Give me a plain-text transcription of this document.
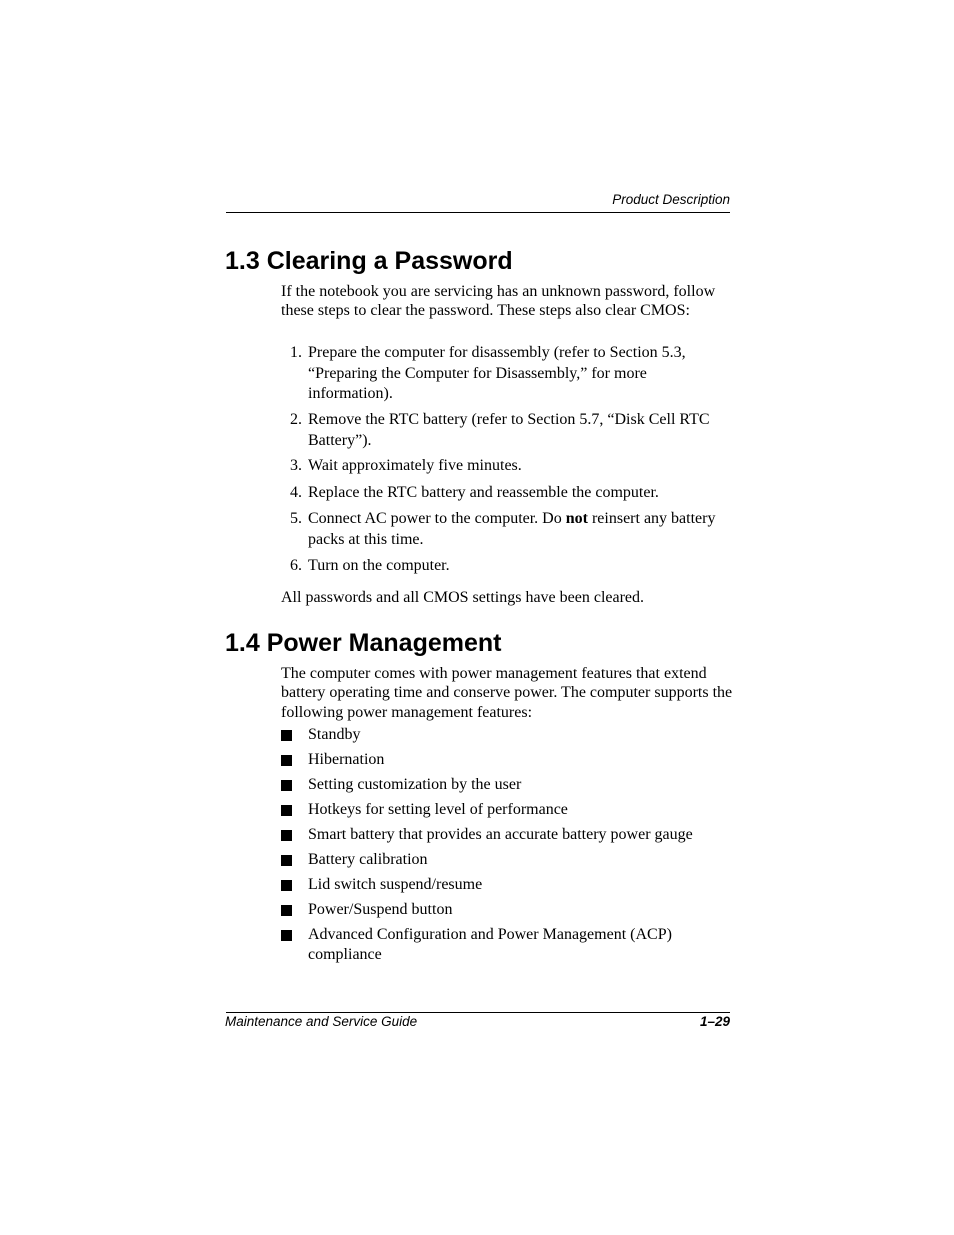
Product Description
1.3 Clearing a Password

If the notebook you are servicing has an unknown password, follow these steps to clear the password. These steps also clear CMOS:

1. Prepare the computer for disassembly (refer to Section 5.3, “Preparing the Computer for Disassembly,” for more information).
2. Remove the RTC battery (refer to Section 5.7, “Disk Cell RTC Battery”).
3. Wait approximately five minutes.
4. Replace the RTC battery and reassemble the computer.
5. Connect AC power to the computer. Do not reinsert any battery packs at this time.
6. Turn on the computer.

All passwords and all CMOS settings have been cleared.

1.4 Power Management

The computer comes with power management features that extend battery operating time and conserve power. The computer supports the following power management features:

Standby
Hibernation
Setting customization by the user
Hotkeys for setting level of performance
Smart battery that provides an accurate battery power gauge
Battery calibration
Lid switch suspend/resume
Power/Suspend button
Advanced Configuration and Power Management (ACP) compliance
Maintenance and Service Guide	1–29
